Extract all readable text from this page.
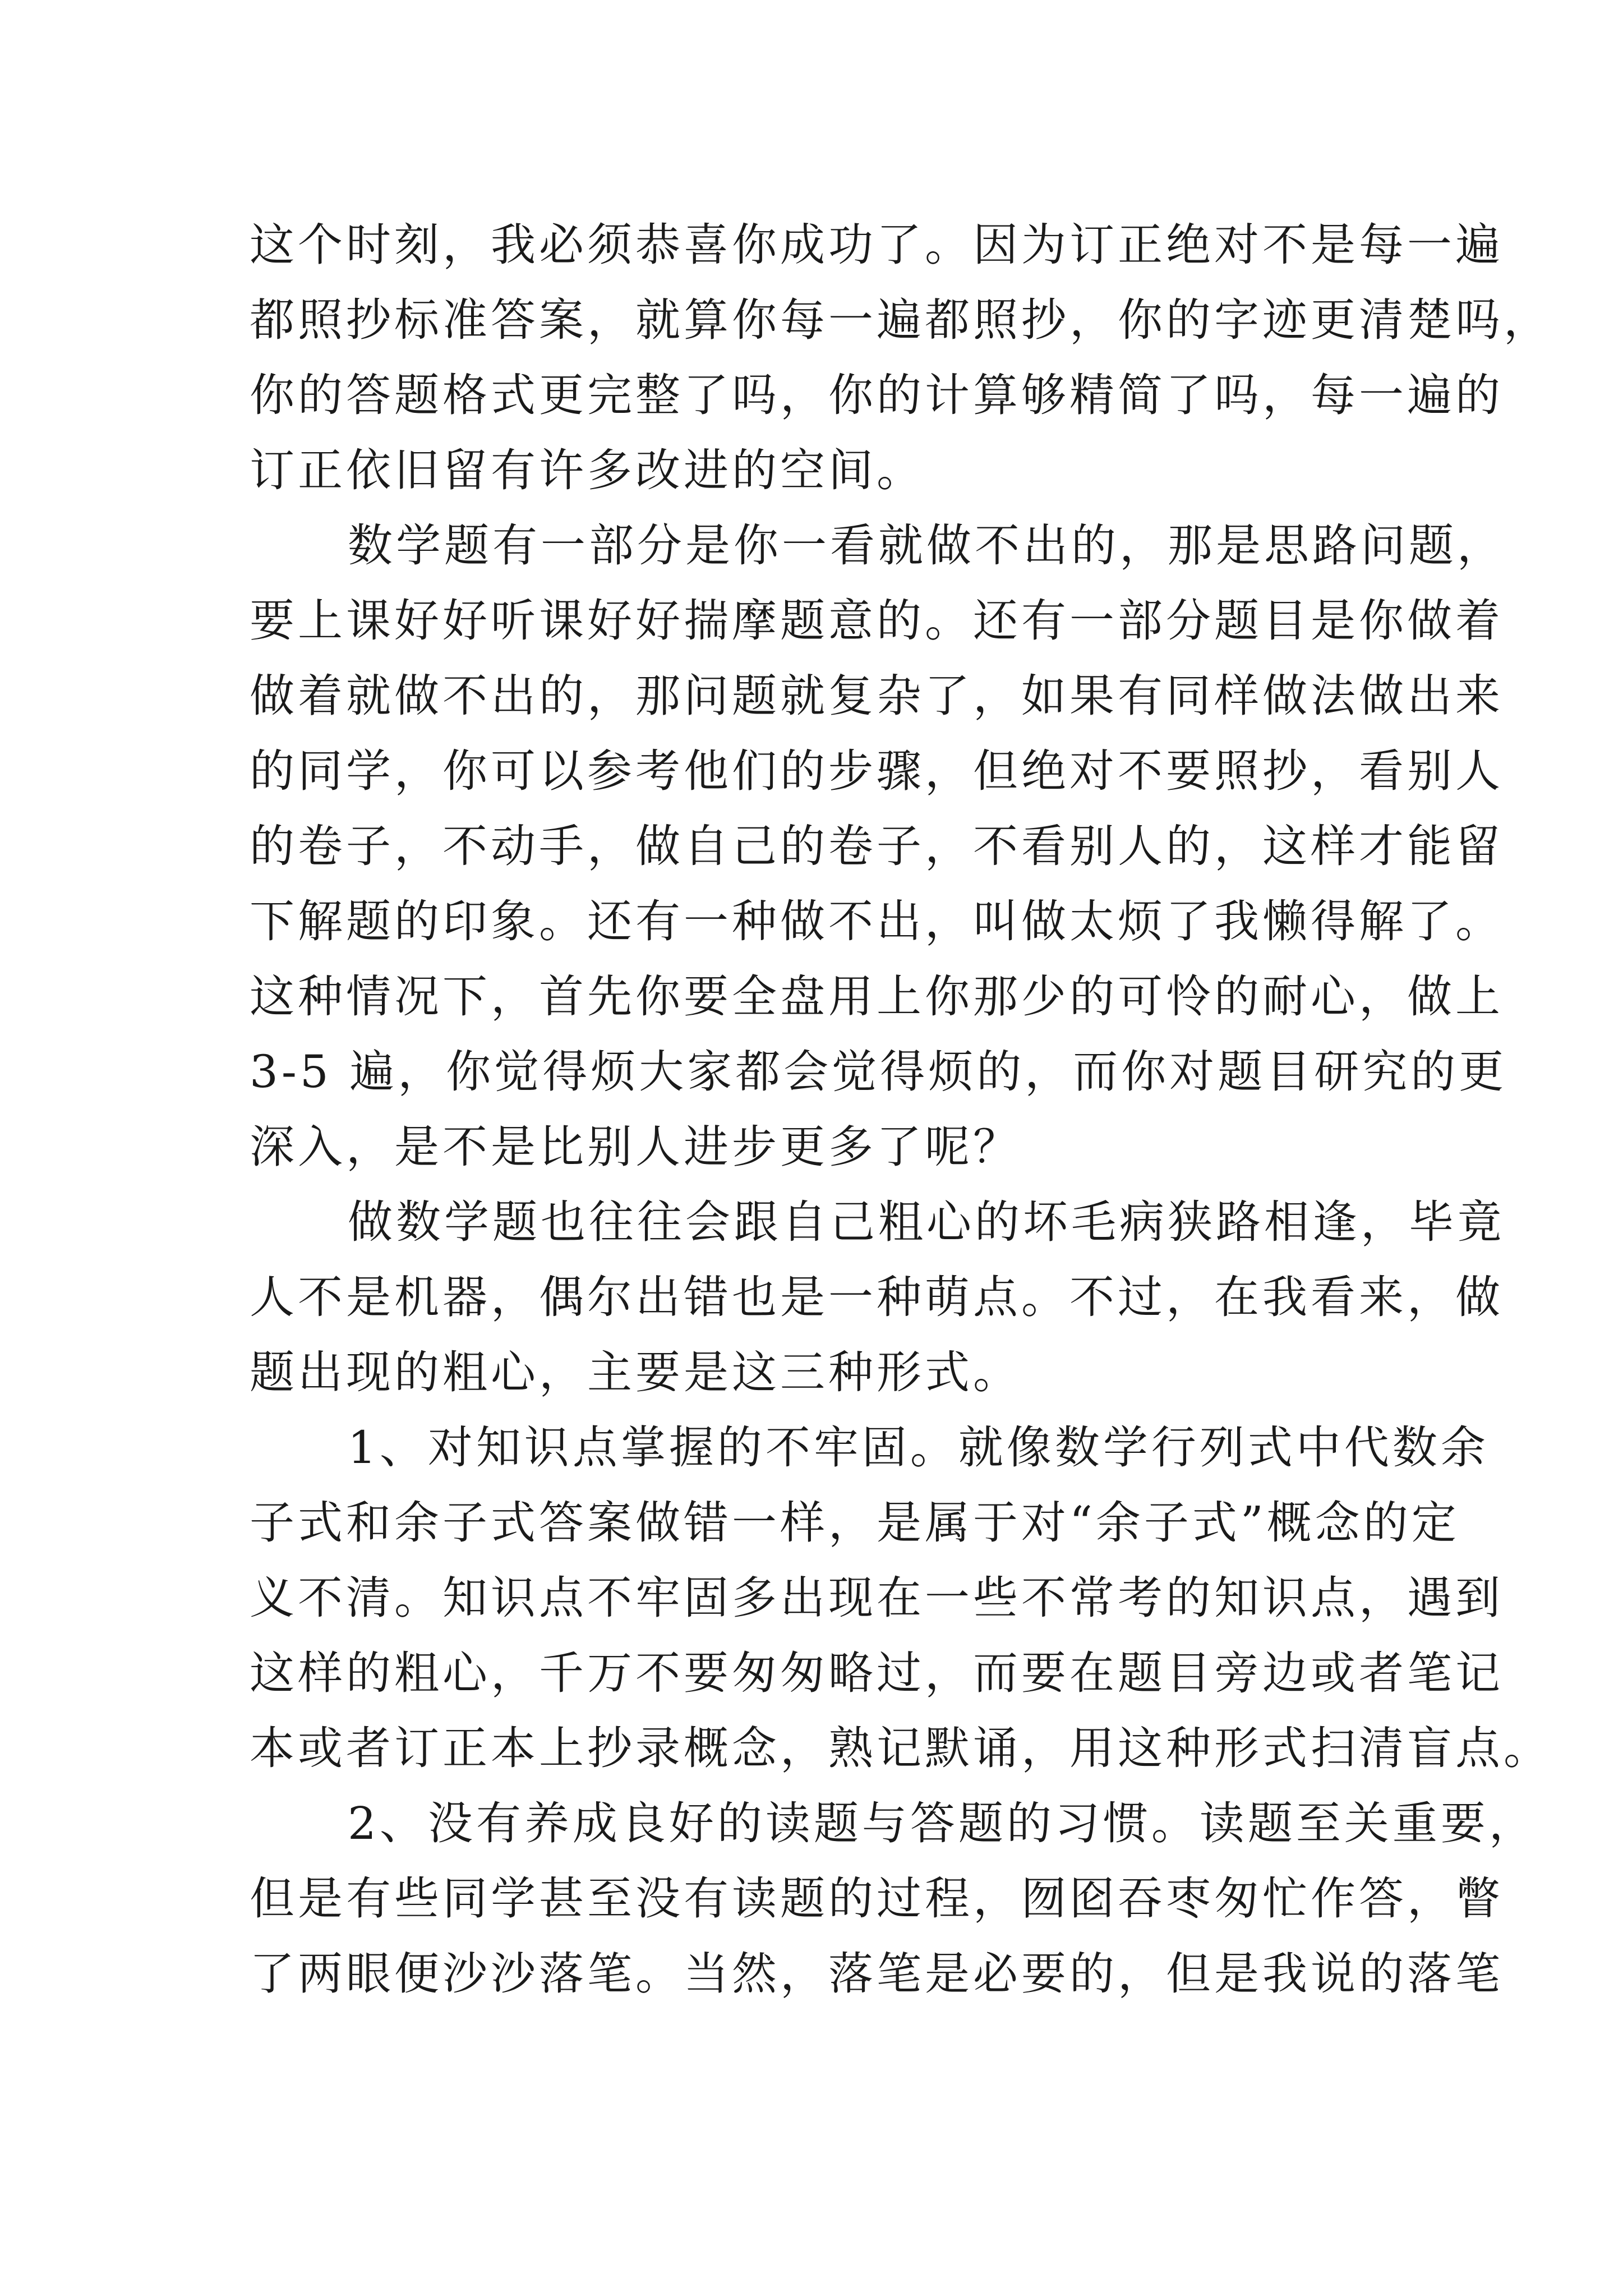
这个时刻，我必须恭喜你成功了。因为订正绝对不是每一遍
都照抄标准答案，就算你每一遍都照抄，你的字迹更清楚吗，
你的答题格式更完整了吗，你的计算够精简了吗，每一遍的
订正依旧留有许多改进的空间。
数学题有一部分是你一看就做不出的，那是思路问题，
要上课好好听课好好揣摩题意的。还有一部分题目是你做着
做着就做不出的，那问题就复杂了，如果有同样做法做出来
的同学，你可以参考他们的步骤，但绝对不要照抄，看别人
的卷子，不动手，做自己的卷子，不看别人的，这样才能留
下解题的印象。还有一种做不出，叫做太烦了我懒得解了。
这种情况下，首先你要全盘用上你那少的可怜的耐心，做上
3-5 遍，你觉得烦大家都会觉得烦的，而你对题目研究的更
深入，是不是比别人进步更多了呢？
做数学题也往往会跟自己粗心的坏毛病狭路相逢，毕竟
人不是机器，偶尔出错也是一种萌点。不过，在我看来，做
题出现的粗心，主要是这三种形式。
1、对知识点掌握的不牢固。就像数学行列式中代数余
子式和余子式答案做错一样，是属于对“余子式”概念的定
义不清。知识点不牢固多出现在一些不常考的知识点，遇到
这样的粗心，千万不要匆匆略过，而要在题目旁边或者笔记
本或者订正本上抄录概念，熟记默诵，用这种形式扫清盲点。
2、没有养成良好的读题与答题的习惯。读题至关重要，
但是有些同学甚至没有读题的过程，囫囵吞枣匆忙作答，瞥
了两眼便沙沙落笔。当然，落笔是必要的，但是我说的落笔
